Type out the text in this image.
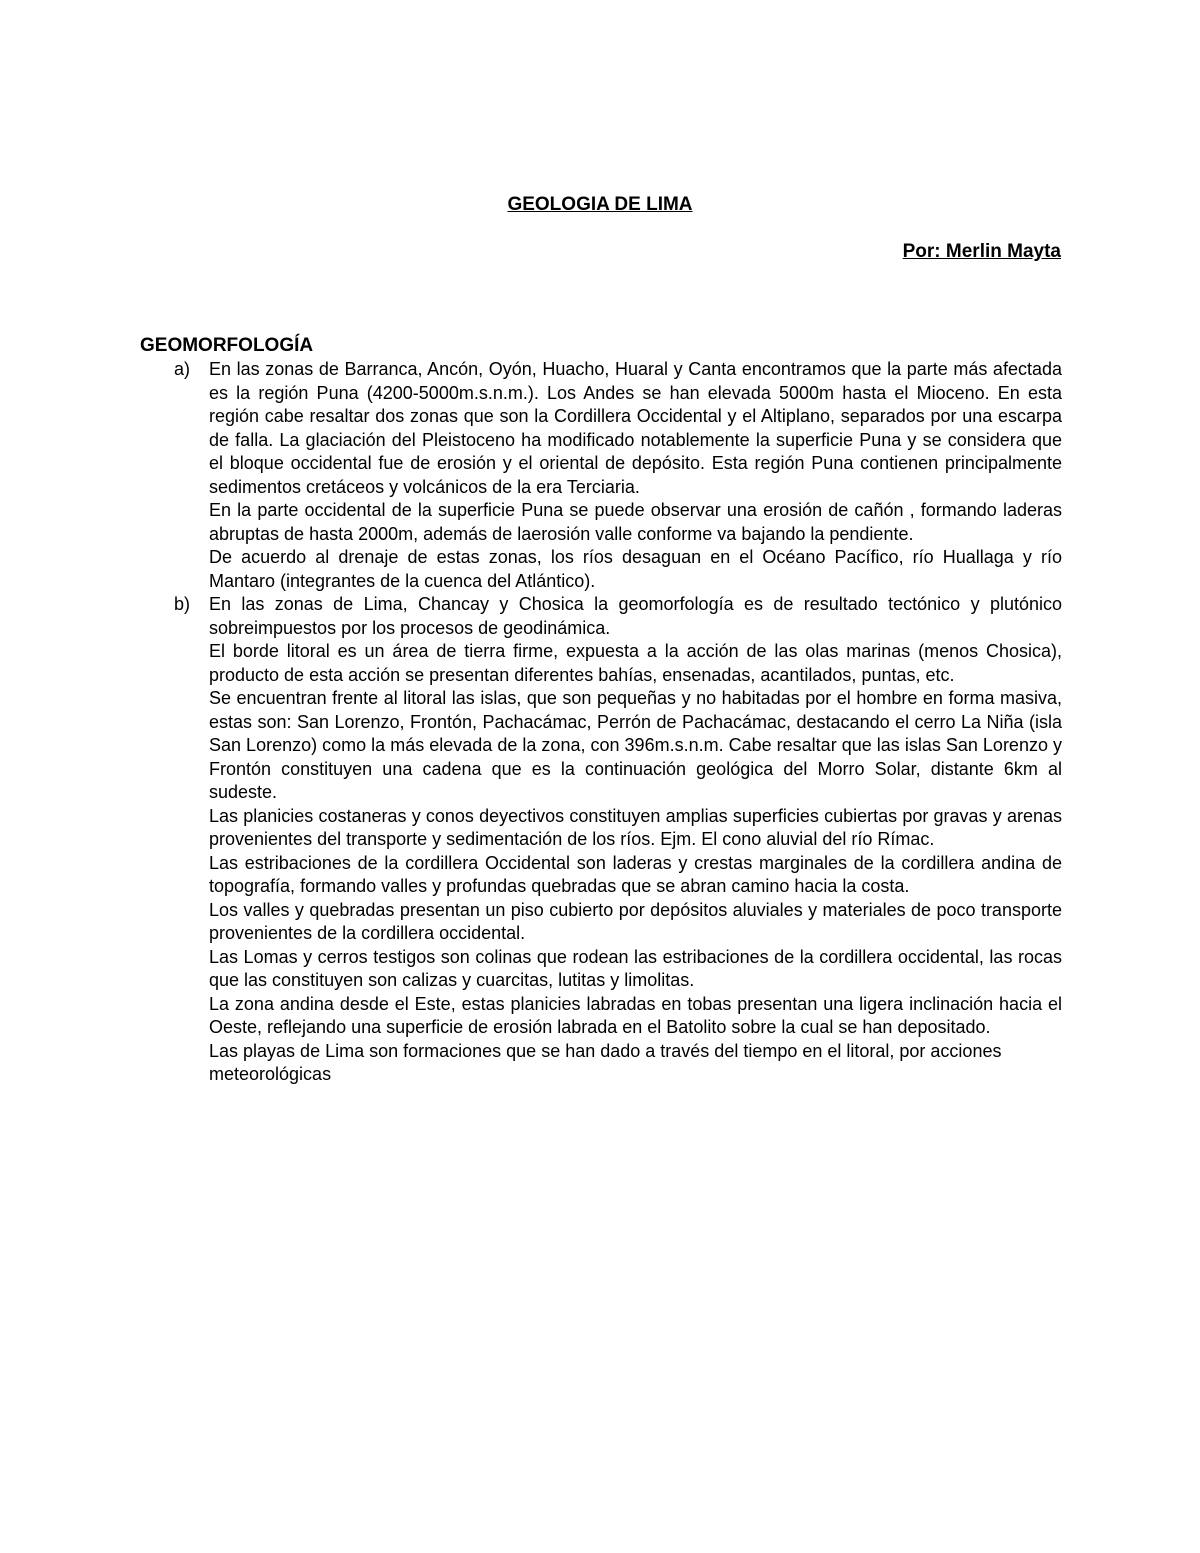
GEOLOGIA DE LIMA
Por: Merlin Mayta
GEOMORFOLOGÍA
a) En las zonas de Barranca, Ancón, Oyón, Huacho, Huaral y Canta encontramos que la parte más afectada es la región Puna (4200-5000m.s.n.m.). Los Andes se han elevada 5000m hasta el Mioceno. En esta región cabe resaltar dos zonas que son la Cordillera Occidental y el Altiplano, separados por una escarpa de falla. La glaciación del Pleistoceno ha modificado notablemente la superficie Puna y se considera que el bloque occidental fue de erosión y el oriental de depósito. Esta región Puna contienen principalmente sedimentos cretáceos y volcánicos de la era Terciaria.

En la parte occidental de la superficie Puna se puede observar una erosión de cañón , formando laderas abruptas de hasta 2000m, además de laerosión valle conforme va bajando la pendiente.

De acuerdo al drenaje de estas zonas, los ríos desaguan en el Océano Pacífico, río Huallaga y río Mantaro (integrantes de la cuenca del Atlántico).

b) En las zonas de Lima, Chancay y Chosica la geomorfología es de resultado tectónico y plutónico sobreimpuestos por los procesos de geodinámica.

El borde litoral es un área de tierra firme, expuesta a la acción de las olas marinas (menos Chosica), producto de esta acción se presentan diferentes bahías, ensenadas, acantilados, puntas, etc.

Se encuentran frente al litoral las islas, que son pequeñas y no habitadas por el hombre en forma masiva, estas son: San Lorenzo, Frontón, Pachacámac, Perrón de Pachacámac, destacando el cerro La Niña (isla San Lorenzo) como la más elevada de la zona, con 396m.s.n.m. Cabe resaltar que las islas San Lorenzo y Frontón constituyen una cadena que es la continuación geológica del Morro Solar, distante 6km al sudeste.

Las planicies costaneras y conos deyectivos constituyen amplias superficies cubiertas por gravas y arenas provenientes del transporte y sedimentación de los ríos. Ejm. El cono aluvial del río Rímac.

Las estribaciones de la cordillera Occidental son laderas y crestas marginales de la cordillera andina de topografía, formando valles y profundas quebradas que se abran camino hacia la costa.

Los valles y quebradas presentan un piso cubierto por depósitos aluviales y materiales de poco transporte provenientes de la cordillera occidental.

Las Lomas y cerros testigos son colinas que rodean las estribaciones de la cordillera occidental, las rocas que las constituyen son calizas y cuarcitas, lutitas y limolitas.

La zona andina desde el Este, estas planicies labradas en tobas presentan una ligera inclinación hacia el Oeste, reflejando una superficie de erosión labrada en el Batolito sobre la cual se han depositado.

Las playas de Lima son formaciones que se han dado a través del tiempo en el litoral, por acciones meteorológicas
